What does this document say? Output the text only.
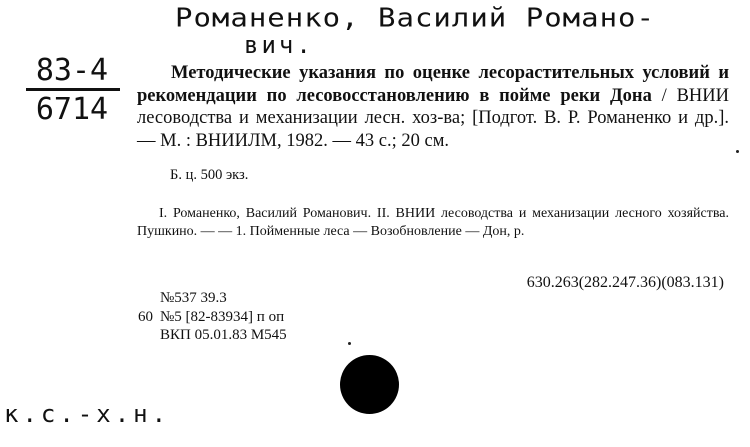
Романенко, Василий Романо-
вич.
83-4
6714
Методические указания по оценке лесорастительных условий и рекомендации по лесовосстановлению в пойме реки Дона / ВНИИ лесоводства и механизации лесн. хоз-ва; [Подгот. В. Р. Романенко и др.]. — М. : ВНИИЛМ, 1982. — 43 с.; 20 см.
Б. ц. 500 экз.
I. Романенко, Василий Романович. II. ВНИИ лесоводства и механизации лесного хозяйства. Пушкино. — — 1. Пойменные леса — Возобновление — Дон, р.
630.263(282.247.36)(083.131)
№537 39.3
60 №5 [82-83934] п оп
ВКП 05.01.83 М545
к.с.-х.н.
